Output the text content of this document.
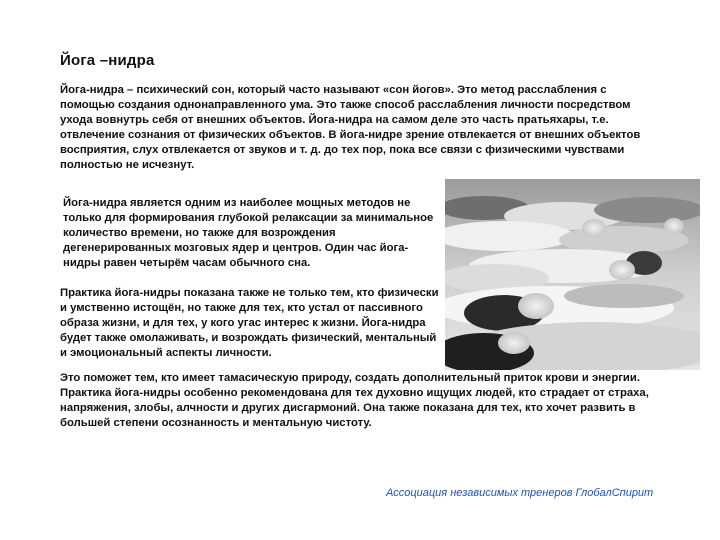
Йога –нидра

Йога-нидра – психический сон, который часто называют «сон йогов». Это метод расслабления с помощью создания однонаправленного ума. Это также способ расслабления личности посредством ухода вовнутрь себя от внешних объектов. Йога-нидра на самом деле это часть пратьяхары, т.е. отвлечение сознания от физических объектов. В йога-нидре зрение отвлекается от внешних объектов восприятия, слух отвлекается от звуков и т. д. до тех пор, пока все связи с физическими чувствами полностью не исчезнут.

Йога-нидра является одним из наиболее мощных методов не только для формирования глубокой релаксации за минимальное количество времени, но также для возрождения дегенерированных мозговых ядер и центров. Один час йога-нидры равен четырём часам обычного сна.

Практика йога-нидры показана также не только тем, кто физически и умственно истощён, но также для тех, кто устал от пассивного образа жизни, и для тех, у кого угас интерес к жизни. Йога-нидра будет также омолаживать, и возрождать физический, ментальный и эмоциональный аспекты личности.

Это поможет тем, кто имеет тамасическую природу, создать дополнительный приток крови и энергии. Практика йога-нидры особенно рекомендована для тех духовно ищущих людей, кто страдает от страха, напряжения, злобы, алчности и других дисгармоний. Она также показана для тех, кто хочет развить в большей степени осознанность и ментальную чистоту.

Ассоциация независимых тренеров ГлобалСпирит
